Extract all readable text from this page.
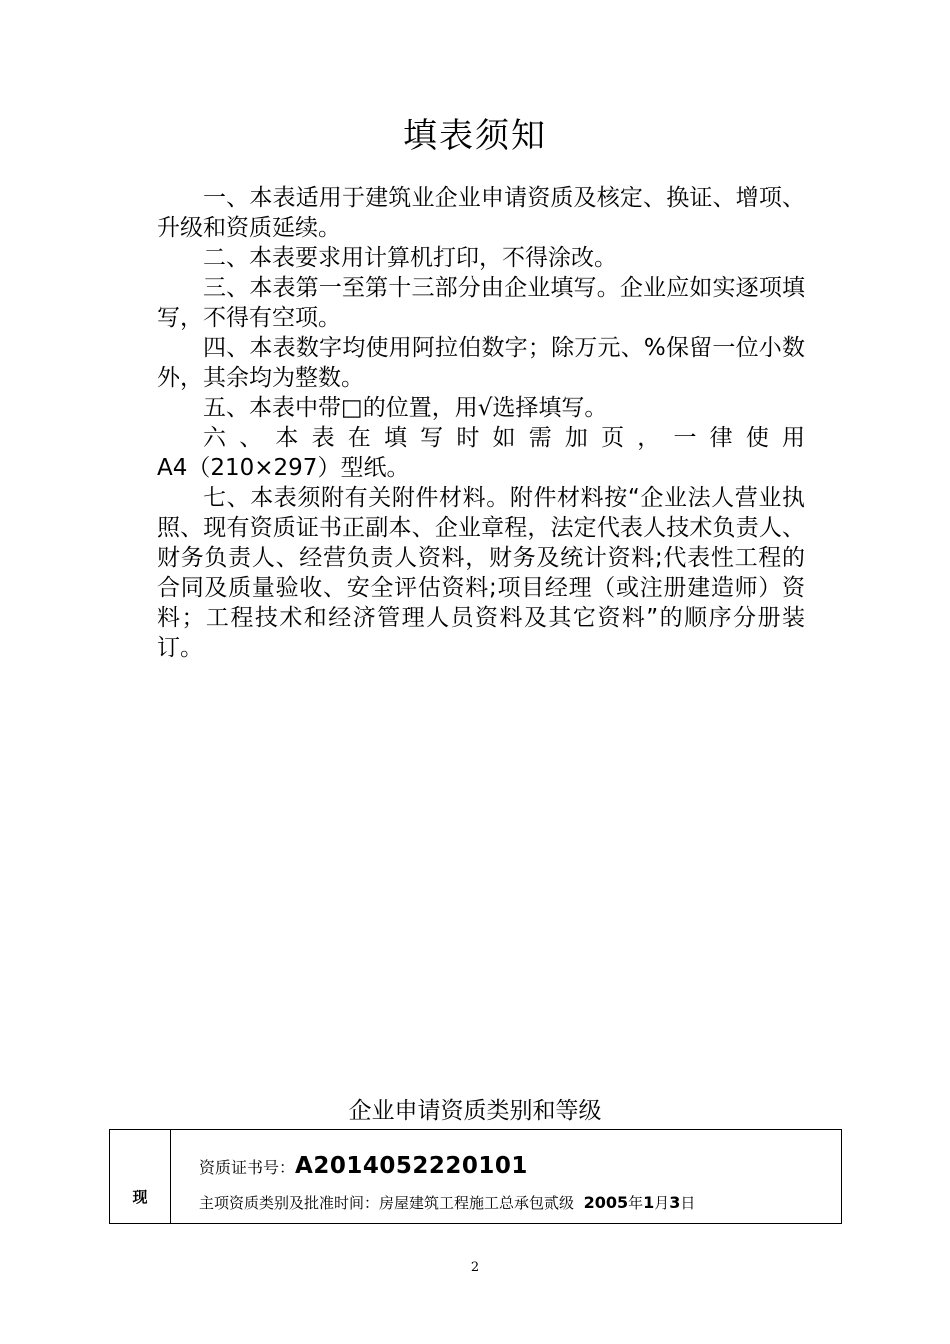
填表须知

一、本表适用于建筑业企业申请资质及核定、换证、增项、升级和资质延续。

二、本表要求用计算机打印，不得涂改。

三、本表第一至第十三部分由企业填写。企业应如实逐项填写，不得有空项。

四、本表数字均使用阿拉伯数字；除万元、%保留一位小数外，其余均为整数。

五、本表中带□的位置，用√选择填写。

六、本表在填写时如需加页，一律使用

A4（210×297）型纸。

七、本表须附有关附件材料。附件材料按“企业法人营业执照、现有资质证书正副本、企业章程，法定代表人技术负责人、财务负责人、经营负责人资料，财务及统计资料;代表性工程的合同及质量验收、安全评估资料;项目经理（或注册建造师）资料；工程技术和经济管理人员资料及其它资料”的顺序分册装订。

企业申请资质类别和等级
现	
资质证书号：A2014052220101
主项资质类别及批准时间：房屋建筑工程施工总承包贰级 2005年1月3日
2
